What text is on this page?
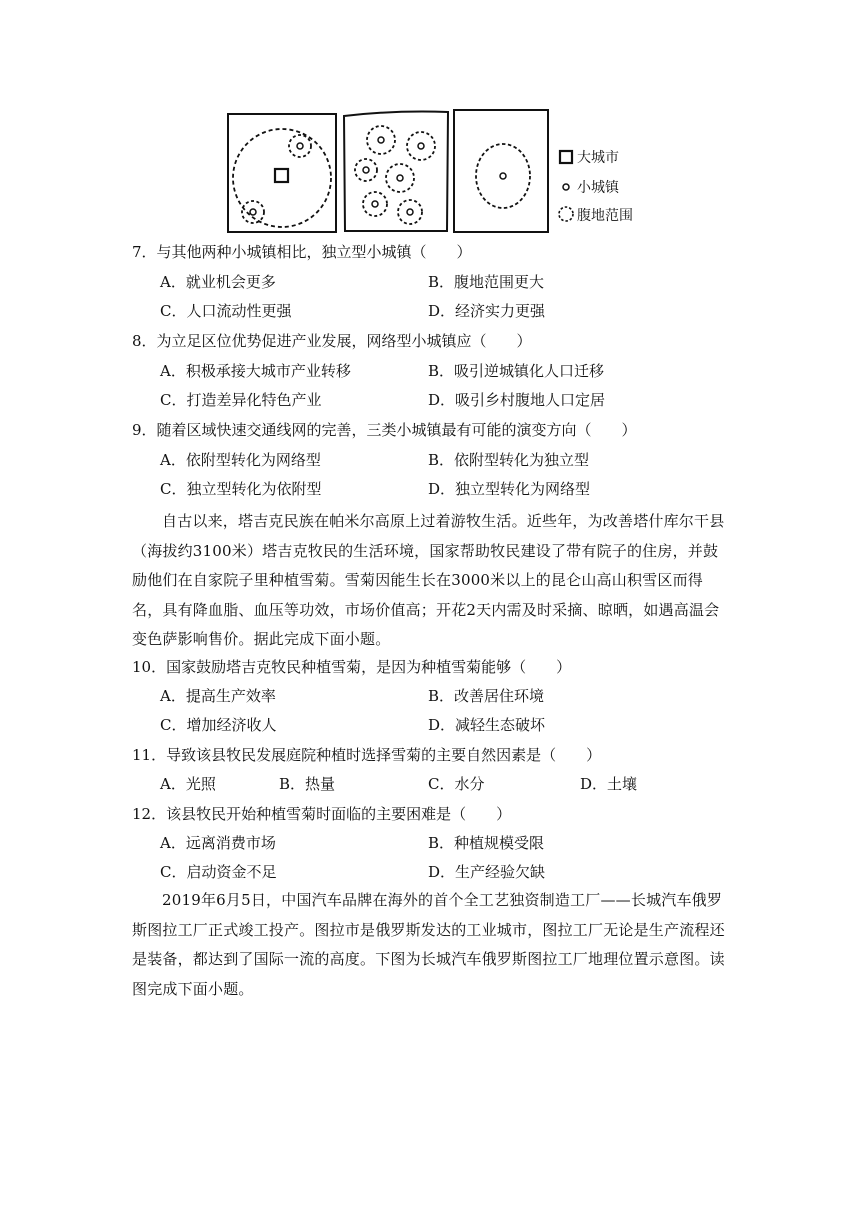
大城市
小城镇
腹地范围
7．与其他两种小城镇相比，独立型小城镇（　　）
A．就业机会更多	B．腹地范围更大
C．人口流动性更强	D．经济实力更强
8．为立足区位优势促进产业发展，网络型小城镇应（　　）
A．积极承接大城市产业转移	B．吸引逆城镇化人口迁移
C．打造差异化特色产业	D．吸引乡村腹地人口定居
9．随着区域快速交通线网的完善，三类小城镇最有可能的演变方向（　　）
A．依附型转化为网络型	B．依附型转化为独立型
C．独立型转化为依附型	D．独立型转化为网络型
自古以来，塔吉克民族在帕米尔高原上过着游牧生活。近些年，为改善塔什库尔干县（海拔约3100米）塔吉克牧民的生活环境，国家帮助牧民建设了带有院子的住房，并鼓励他们在自家院子里种植雪菊。雪菊因能生长在3000米以上的昆仑山高山积雪区而得名，具有降血脂、血压等功效，市场价值高；开花2天内需及时采摘、晾晒，如遇高温会变色萨影响售价。据此完成下面小题。
10．国家鼓励塔吉克牧民种植雪菊，是因为种植雪菊能够（　　）
A．提高生产效率	B．改善居住环境
C．增加经济收人	D．减轻生态破坏
11．导致该县牧民发展庭院种植时选择雪菊的主要自然因素是（　　）
A．光照	B．热量	C．水分	D．土壤
12．该县牧民开始种植雪菊时面临的主要困难是（　　）
A．远离消费市场	B．种植规模受限
C．启动资金不足	D．生产经验欠缺
2019年6月5日，中国汽车品牌在海外的首个全工艺独资制造工厂——长城汽车俄罗斯图拉工厂正式竣工投产。图拉市是俄罗斯发达的工业城市，图拉工厂无论是生产流程还是装备，都达到了国际一流的高度。下图为长城汽车俄罗斯图拉工厂地理位置示意图。读图完成下面小题。
